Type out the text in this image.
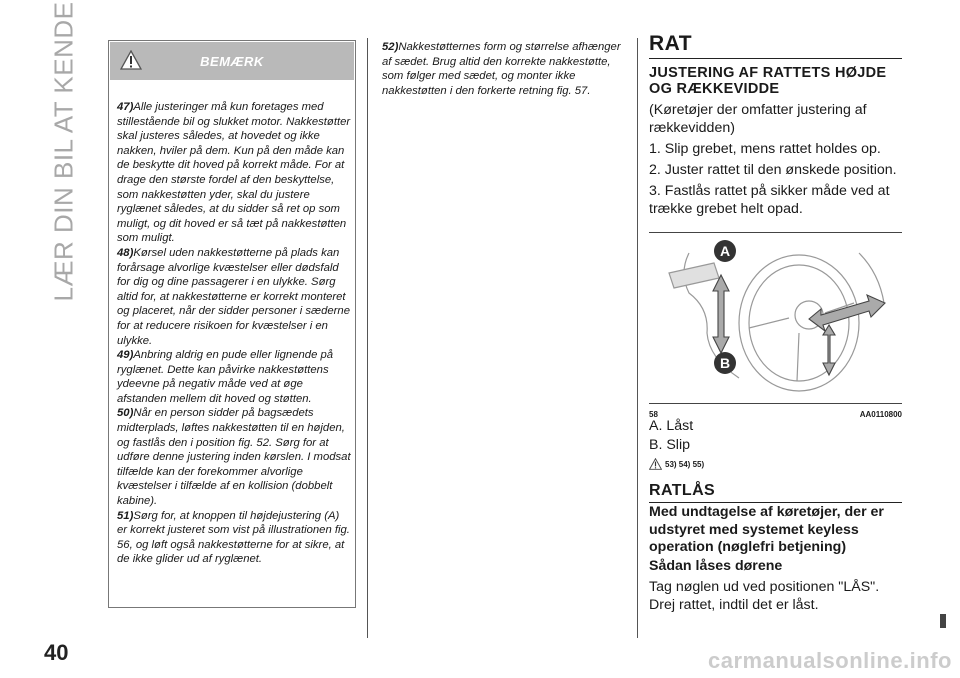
LÆR DIN BIL AT KENDE
40
BEMÆRK

47)Alle justeringer må kun foretages med stillestående bil og slukket motor. Nakkestøtter skal justeres således, at hovedet og ikke nakken, hviler på dem. Kun på den måde kan de beskytte dit hoved på korrekt måde. For at drage den største fordel af den beskyttelse, som nakkestøtten yder, skal du justere ryglænet således, at du sidder så ret op som muligt, og dit hoved er så tæt på nakkestøtten som muligt.

48)Kørsel uden nakkestøtterne på plads kan forårsage alvorlige kvæstelser eller dødsfald for dig og dine passagerer i en ulykke. Sørg altid for, at nakkestøtterne er korrekt monteret og placeret, når der sidder personer i sæderne for at reducere risikoen for kvæstelser i en ulykke.

49)Anbring aldrig en pude eller lignende på ryglænet. Dette kan påvirke nakkestøttens ydeevne på negativ måde ved at øge afstanden mellem dit hoved og støtten.

50)Når en person sidder på bagsædets midterplads, løftes nakkestøtten til en højden, og fastlås den i position fig. 52. Sørg for at udføre denne justering inden kørslen. I modsat tilfælde kan der forekommer alvorlige kvæstelser i tilfælde af en kollision (dobbelt kabine).

51)Sørg for, at knoppen til højdejustering (A) er korrekt justeret som vist på illustrationen fig. 56, og løft også nakkestøtterne for at sikre, at de ikke glider ud af ryglænet.

52)Nakkestøtternes form og størrelse afhænger af sædet. Brug altid den korrekte nakkestøtte, som følger med sædet, og monter ikke nakkestøtten i den forkerte retning fig. 57.

RAT
JUSTERING AF RATTETS HØJDE OG RÆKKEVIDDE

(Køretøjer der omfatter justering af rækkevidden)

1. Slip grebet, mens rattet holdes op.

2. Juster rattet til den ønskede position.

3. Fastlås rattet på sikker måde ved at trække grebet helt opad.

A
B
58	AA0110800
A. Låst
B. Slip
53) 54) 55)
RATLÅS
Med undtagelse af køretøjer, der er udstyret med systemet keyless operation (nøglefri betjening)
Sådan låses dørene
Tag nøglen ud ved positionen "LÅS". Drej rattet, indtil det er låst.
carmanualsonline.info
